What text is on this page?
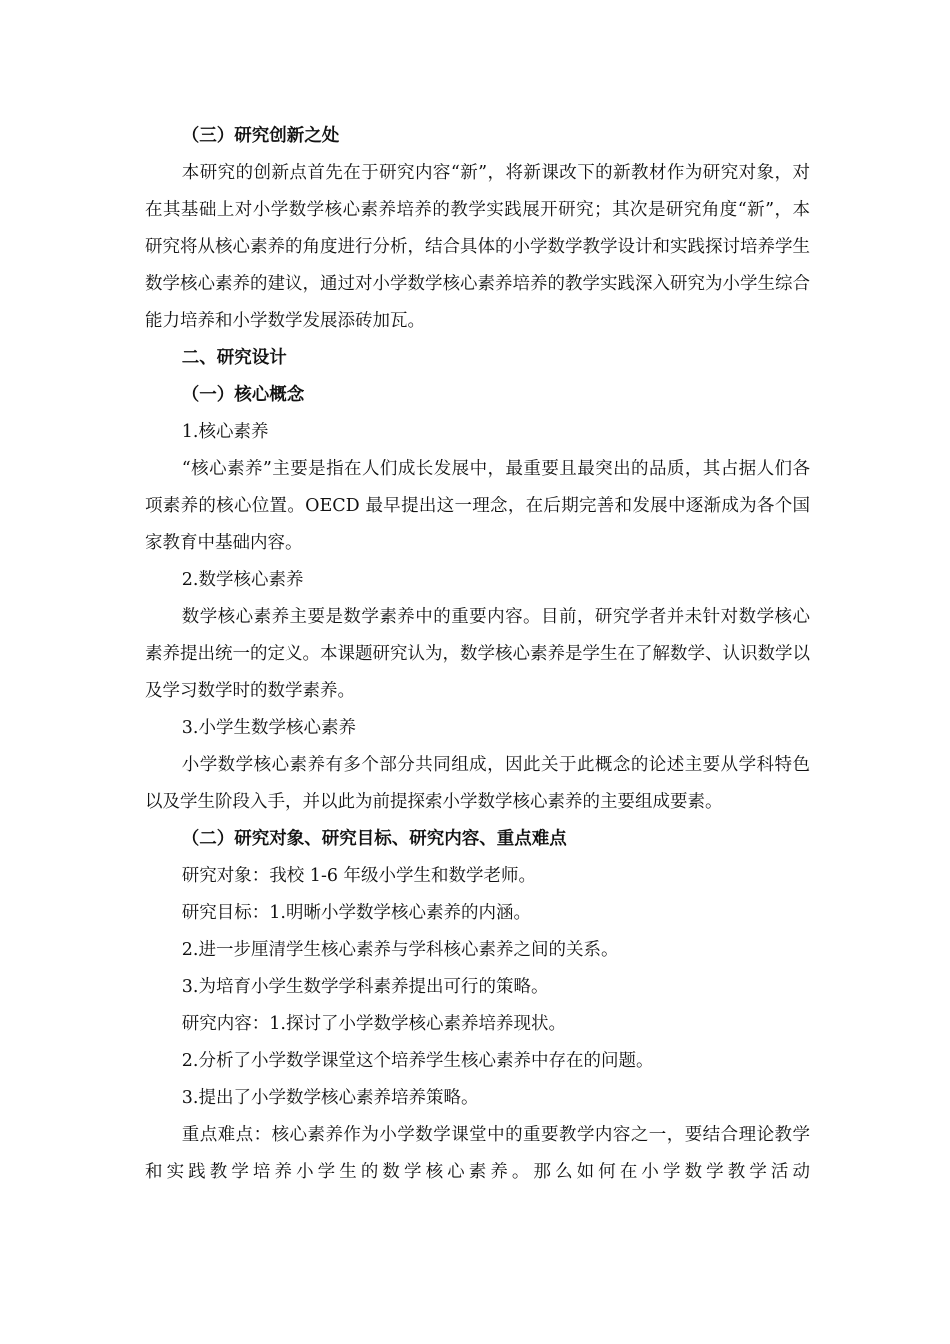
（三）研究创新之处

本研究的创新点首先在于研究内容“新”，将新课改下的新教材作为研究对象，对在其基础上对小学数学核心素养培养的教学实践展开研究；其次是研究角度“新”，本研究将从核心素养的角度进行分析，结合具体的小学数学教学设计和实践探讨培养学生数学核心素养的建议，通过对小学数学核心素养培养的教学实践深入研究为小学生综合能力培养和小学数学发展添砖加瓦。

二、研究设计

（一）核心概念

1.核心素养

“核心素养”主要是指在人们成长发展中，最重要且最突出的品质，其占据人们各项素养的核心位置。OECD 最早提出这一理念，在后期完善和发展中逐渐成为各个国家教育中基础内容。

2.数学核心素养

数学核心素养主要是数学素养中的重要内容。目前，研究学者并未针对数学核心素养提出统一的定义。本课题研究认为，数学核心素养是学生在了解数学、认识数学以及学习数学时的数学素养。

3.小学生数学核心素养

小学数学核心素养有多个部分共同组成，因此关于此概念的论述主要从学科特色以及学生阶段入手，并以此为前提探索小学数学核心素养的主要组成要素。

（二）研究对象、研究目标、研究内容、重点难点

研究对象：我校 1-6 年级小学生和数学老师。

研究目标：1.明晰小学数学核心素养的内涵。

2.进一步厘清学生核心素养与学科核心素养之间的关系。

3.为培育小学生数学学科素养提出可行的策略。

研究内容：1.探讨了小学数学核心素养培养现状。

2.分析了小学数学课堂这个培养学生核心素养中存在的问题。

3.提出了小学数学核心素养培养策略。

重点难点：核心素养作为小学数学课堂中的重要教学内容之一，要结合理论教学和实践教学培养小学生的数学核心素养。那么如何在小学数学教学活动
